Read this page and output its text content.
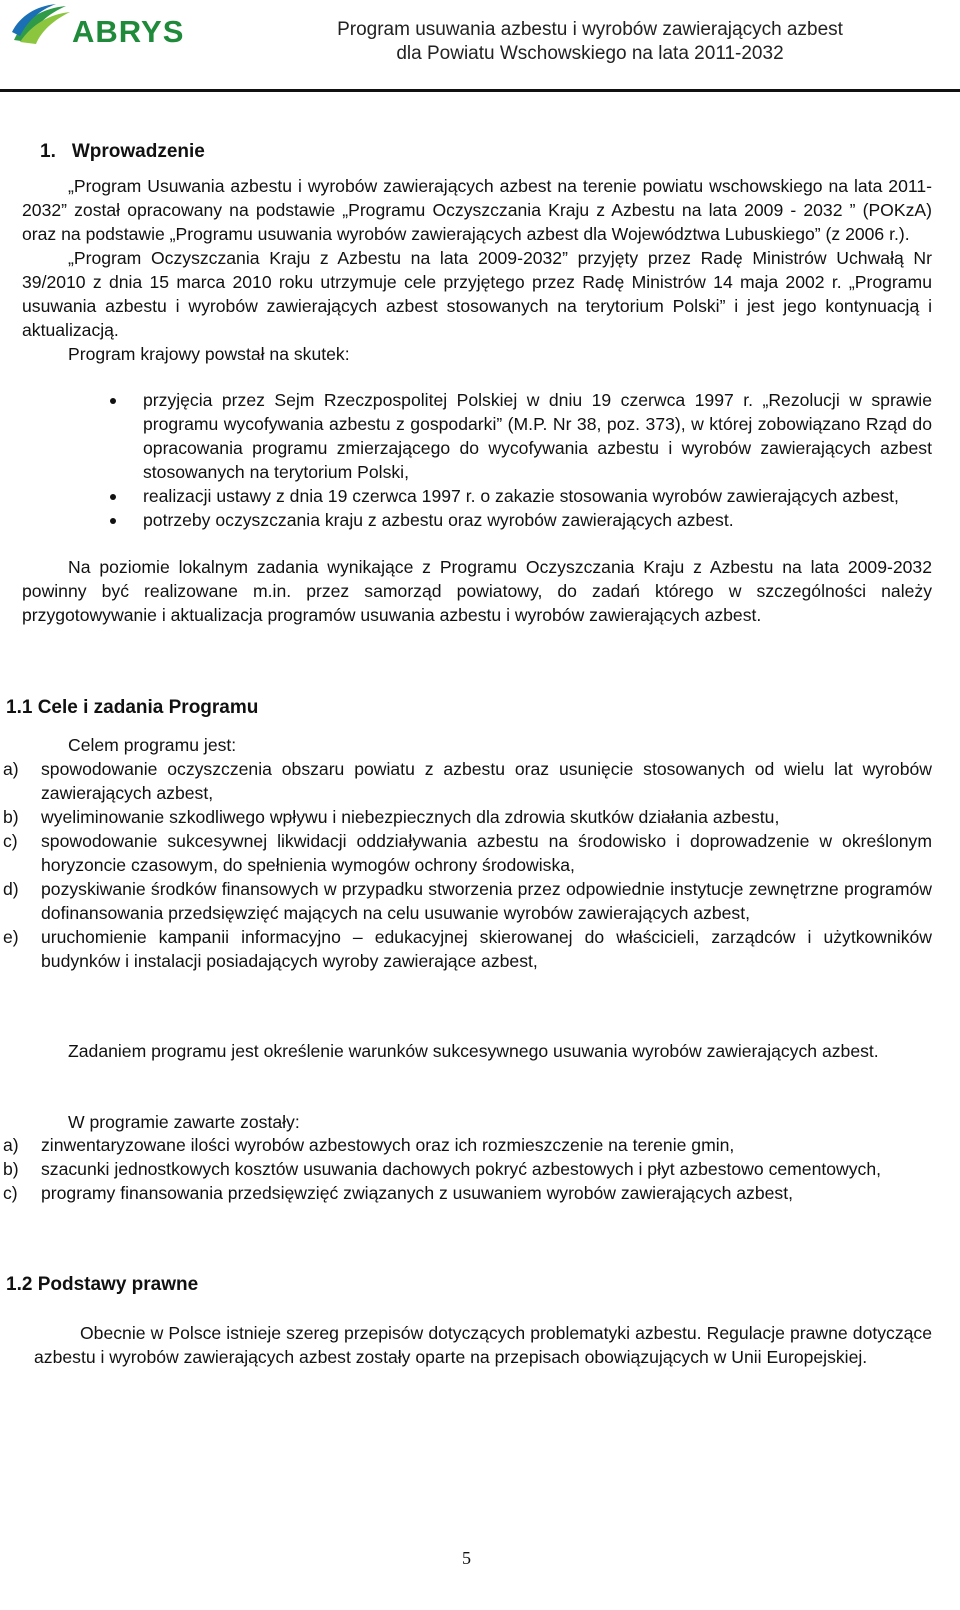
ABRYS	Program usuwania azbestu i wyrobów zawierających azbest
dla Powiatu Wschowskiego na lata 2011-2032
1. Wprowadzenie

„Program Usuwania azbestu i wyrobów zawierających azbest na terenie powiatu wschowskiego na lata 2011-2032” został opracowany na podstawie „Programu Oczyszczania Kraju z Azbestu na lata 2009 - 2032 ” (POKzA) oraz na podstawie „Programu usuwania wyrobów zawierających azbest dla Województwa Lubuskiego” (z 2006 r.).

„Program Oczyszczania Kraju z Azbestu na lata 2009-2032” przyjęty przez Radę Ministrów Uchwałą Nr 39/2010 z dnia 15 marca 2010 roku utrzymuje cele przyjętego przez Radę Ministrów 14 maja 2002 r. „Programu usuwania azbestu i wyrobów zawierających azbest stosowanych na terytorium Polski” i jest jego kontynuacją i aktualizacją.

Program krajowy powstał na skutek:

przyjęcia przez Sejm Rzeczpospolitej Polskiej w dniu 19 czerwca 1997 r. „Rezolucji w sprawie programu wycofywania azbestu z gospodarki” (M.P. Nr 38, poz. 373), w której zobowiązano Rząd do opracowania programu zmierzającego do wycofywania azbestu i wyrobów zawierających azbest stosowanych na terytorium Polski,
realizacji ustawy z dnia 19 czerwca 1997 r. o zakazie stosowania wyrobów zawierających azbest,
potrzeby oczyszczania kraju z azbestu oraz wyrobów zawierających azbest.

Na poziomie lokalnym zadania wynikające z Programu Oczyszczania Kraju z Azbestu na lata 2009-2032 powinny być realizowane m.in. przez samorząd powiatowy, do zadań którego w szczególności należy przygotowywanie i aktualizacja programów usuwania azbestu i wyrobów zawierających azbest.

1.1 Cele i zadania Programu

Celem programu jest:

a) spowodowanie oczyszczenia obszaru powiatu z azbestu oraz usunięcie stosowanych od wielu lat wyrobów zawierających azbest,
b) wyeliminowanie szkodliwego wpływu i niebezpiecznych dla zdrowia skutków działania azbestu,
c) spowodowanie sukcesywnej likwidacji oddziaływania azbestu na środowisko i doprowadzenie w określonym horyzoncie czasowym, do spełnienia wymogów ochrony środowiska,
d) pozyskiwanie środków finansowych w przypadku stworzenia przez odpowiednie instytucje zewnętrzne programów dofinansowania przedsięwzięć mających na celu usuwanie wyrobów zawierających azbest,
e) uruchomienie kampanii informacyjno – edukacyjnej skierowanej do właścicieli, zarządców i użytkowników budynków i instalacji posiadających wyroby zawierające azbest,

Zadaniem programu jest określenie warunków sukcesywnego usuwania wyrobów zawierających azbest.

W programie zawarte zostały:

a) zinwentaryzowane ilości wyrobów azbestowych oraz ich rozmieszczenie na terenie gmin,
b) szacunki jednostkowych kosztów usuwania dachowych pokryć azbestowych i płyt azbestowo cementowych,
c) programy finansowania przedsięwzięć związanych z usuwaniem wyrobów zawierających azbest,
1.2 Podstawy prawne

Obecnie w Polsce istnieje szereg przepisów dotyczących problematyki azbestu. Regulacje prawne dotyczące azbestu i wyrobów zawierających azbest zostały oparte na przepisach obowiązujących w Unii Europejskiej.

5
